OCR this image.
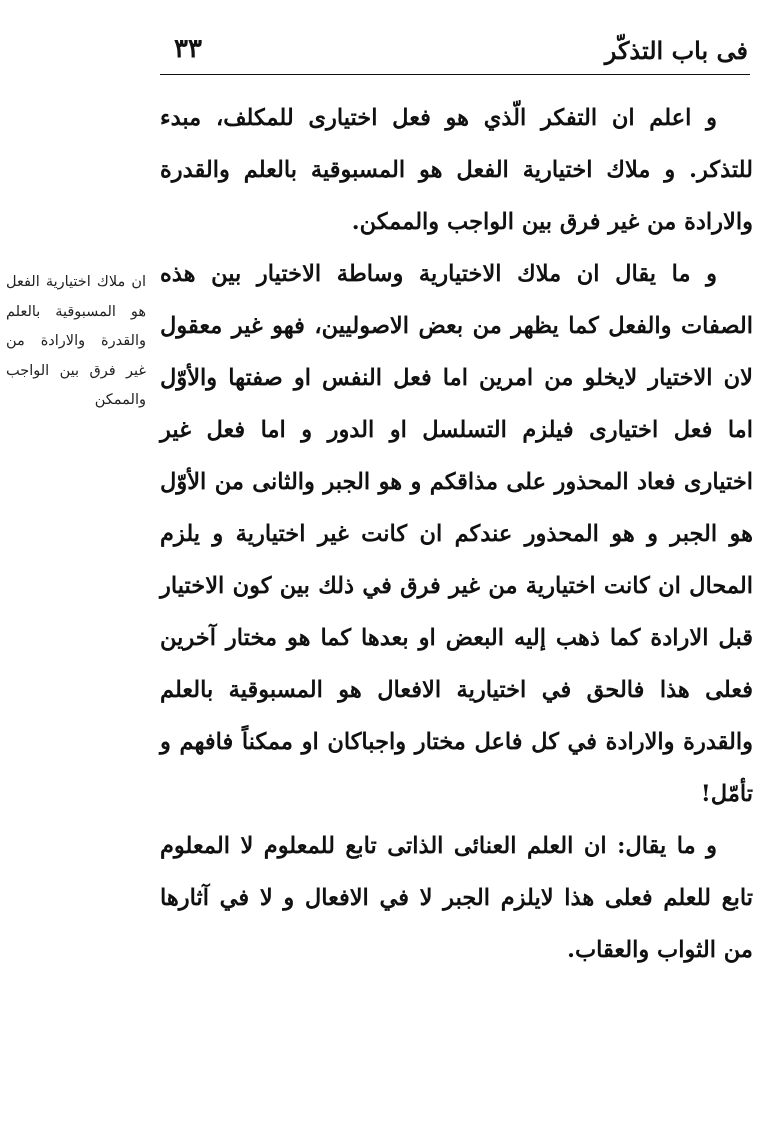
فی باب التذکّر
۳۳

و اعلم ان التفکر الّذي هو فعل اختیاری للمکلف، مبدء للتذکر. و ملاك اختیاریة الفعل هو المسبوقیة بالعلم والقدرة والارادة من غیر فرق بین الواجب والممکن.

و ما یقال ان ملاك الاختیاریة وساطة الاختیار بین هذه الصفات والفعل کما یظهر من بعض الاصولیین، فهو غیر معقول لان الاختیار لایخلو من امرین اما فعل النفس او صفتها والأوّل اما فعل اختیاری فیلزم التسلسل او الدور و اما فعل غیر اختیاری فعاد المحذور علی مذاقکم و هو الجبر والثانی من الأوّل هو الجبر و هو المحذور عندکم ان کانت غیر اختیاریة و یلزم المحال ان کانت اختیاریة من غیر فرق في ذلك بین کون الاختیار قبل الارادة کما ذهب إلیه البعض او بعدها کما هو مختار آخرین فعلی هذا فالحق في اختیاریة الافعال هو المسبوقیة بالعلم والقدرة والارادة في کل فاعل مختار واجباکان او ممکناً فافهم و تأمّل!

و ما یقال: ان العلم العنائی الذاتی تابع للمعلوم لا المعلوم تابع للعلم فعلی هذا لایلزم الجبر لا في الافعال و لا في آثارها من الثواب والعقاب.

ان ملاك اختیاریة الفعل هو المسبوقیة بالعلم والقدرة والارادة من غیر فرق بین الواجب والممکن
